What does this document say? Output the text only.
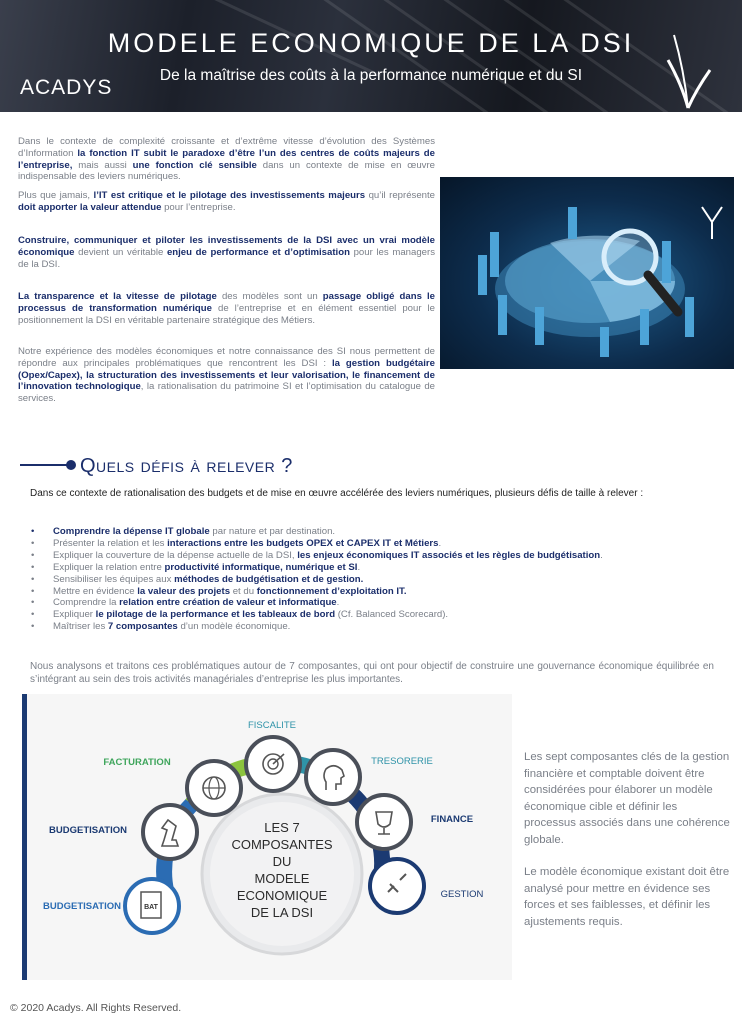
MODELE ECONOMIQUE DE LA DSI
De la maîtrise des coûts à la performance numérique et du SI
ACADYS

Dans le contexte de complexité croissante et d’extrême vitesse d’évolution des Systèmes d’Information la fonction IT subit le paradoxe d’être l’un des centres de coûts majeurs de l’entreprise, mais aussi une fonction clé sensible dans un contexte de mise en œuvre indispensable des leviers numériques.

Plus que jamais, l’IT est critique et le pilotage des investissements majeurs qu’il représente doit apporter la valeur attendue pour l’entreprise.

Construire, communiquer et piloter les investissements de la DSI avec un vrai modèle économique devient un véritable enjeu de performance et d’optimisation pour les managers de la DSI.

La transparence et la vitesse de pilotage des modèles sont un passage obligé dans le processus de transformation numérique de l’entreprise et en élément essentiel pour le positionnement la DSI en véritable partenaire stratégique des Métiers.

Notre expérience des modèles économiques et notre connaissance des SI nous permettent de répondre aux principales problématiques que rencontrent les DSI : la gestion budgétaire (Opex/Capex), la structuration des investissements et leur valorisation, le financement de l’innovation technologique, la rationalisation du patrimoine SI et l’optimisation du catalogue de services.

Quels défis à relever ?
Dans ce contexte de rationalisation des budgets et de mise en œuvre accélérée des leviers numériques, plusieurs défis de taille à relever :
• Comprendre la dépense IT globale par nature et par destination.
• Présenter la relation et les interactions entre les budgets OPEX et CAPEX IT et Métiers.
• Expliquer la couverture de la dépense actuelle de la DSI, les enjeux économiques IT associés et les règles de budgétisation.
• Expliquer la relation entre productivité informatique, numérique et SI.
• Sensibiliser les équipes aux méthodes de budgétisation et de gestion.
• Mettre en évidence la valeur des projets et du fonctionnement d’exploitation IT.
• Comprendre la relation entre création de valeur et informatique.
• Expliquer le pilotage de la performance et les tableaux de bord (Cf. Balanced Scorecard).
• Maîtriser les 7 composantes d’un modèle économique.
Nous analysons et traitons ces problématiques autour de 7 composantes, qui ont pour objectif de construire une gouvernance économique équilibrée en s’intégrant au sein des trois activités managériales d’entreprise les plus importantes.
LES 7
COMPOSANTES
DU
MODELE
ECONOMIQUE
DE LA DSI
BAT
FISCALITE
FACTURATION	TRESORERIE
BUDGETISATION
FINANCE
BUDGETISATION
GESTION
Les sept composantes clés de la gestion financière et comptable doivent être considérées pour élaborer un modèle économique cible et définir les processus associés dans une cohérence globale.
Le modèle économique existant doit être analysé pour mettre en évidence ses forces et ses faiblesses, et définir les ajustements requis.
© 2020 Acadys. All Rights Reserved.
